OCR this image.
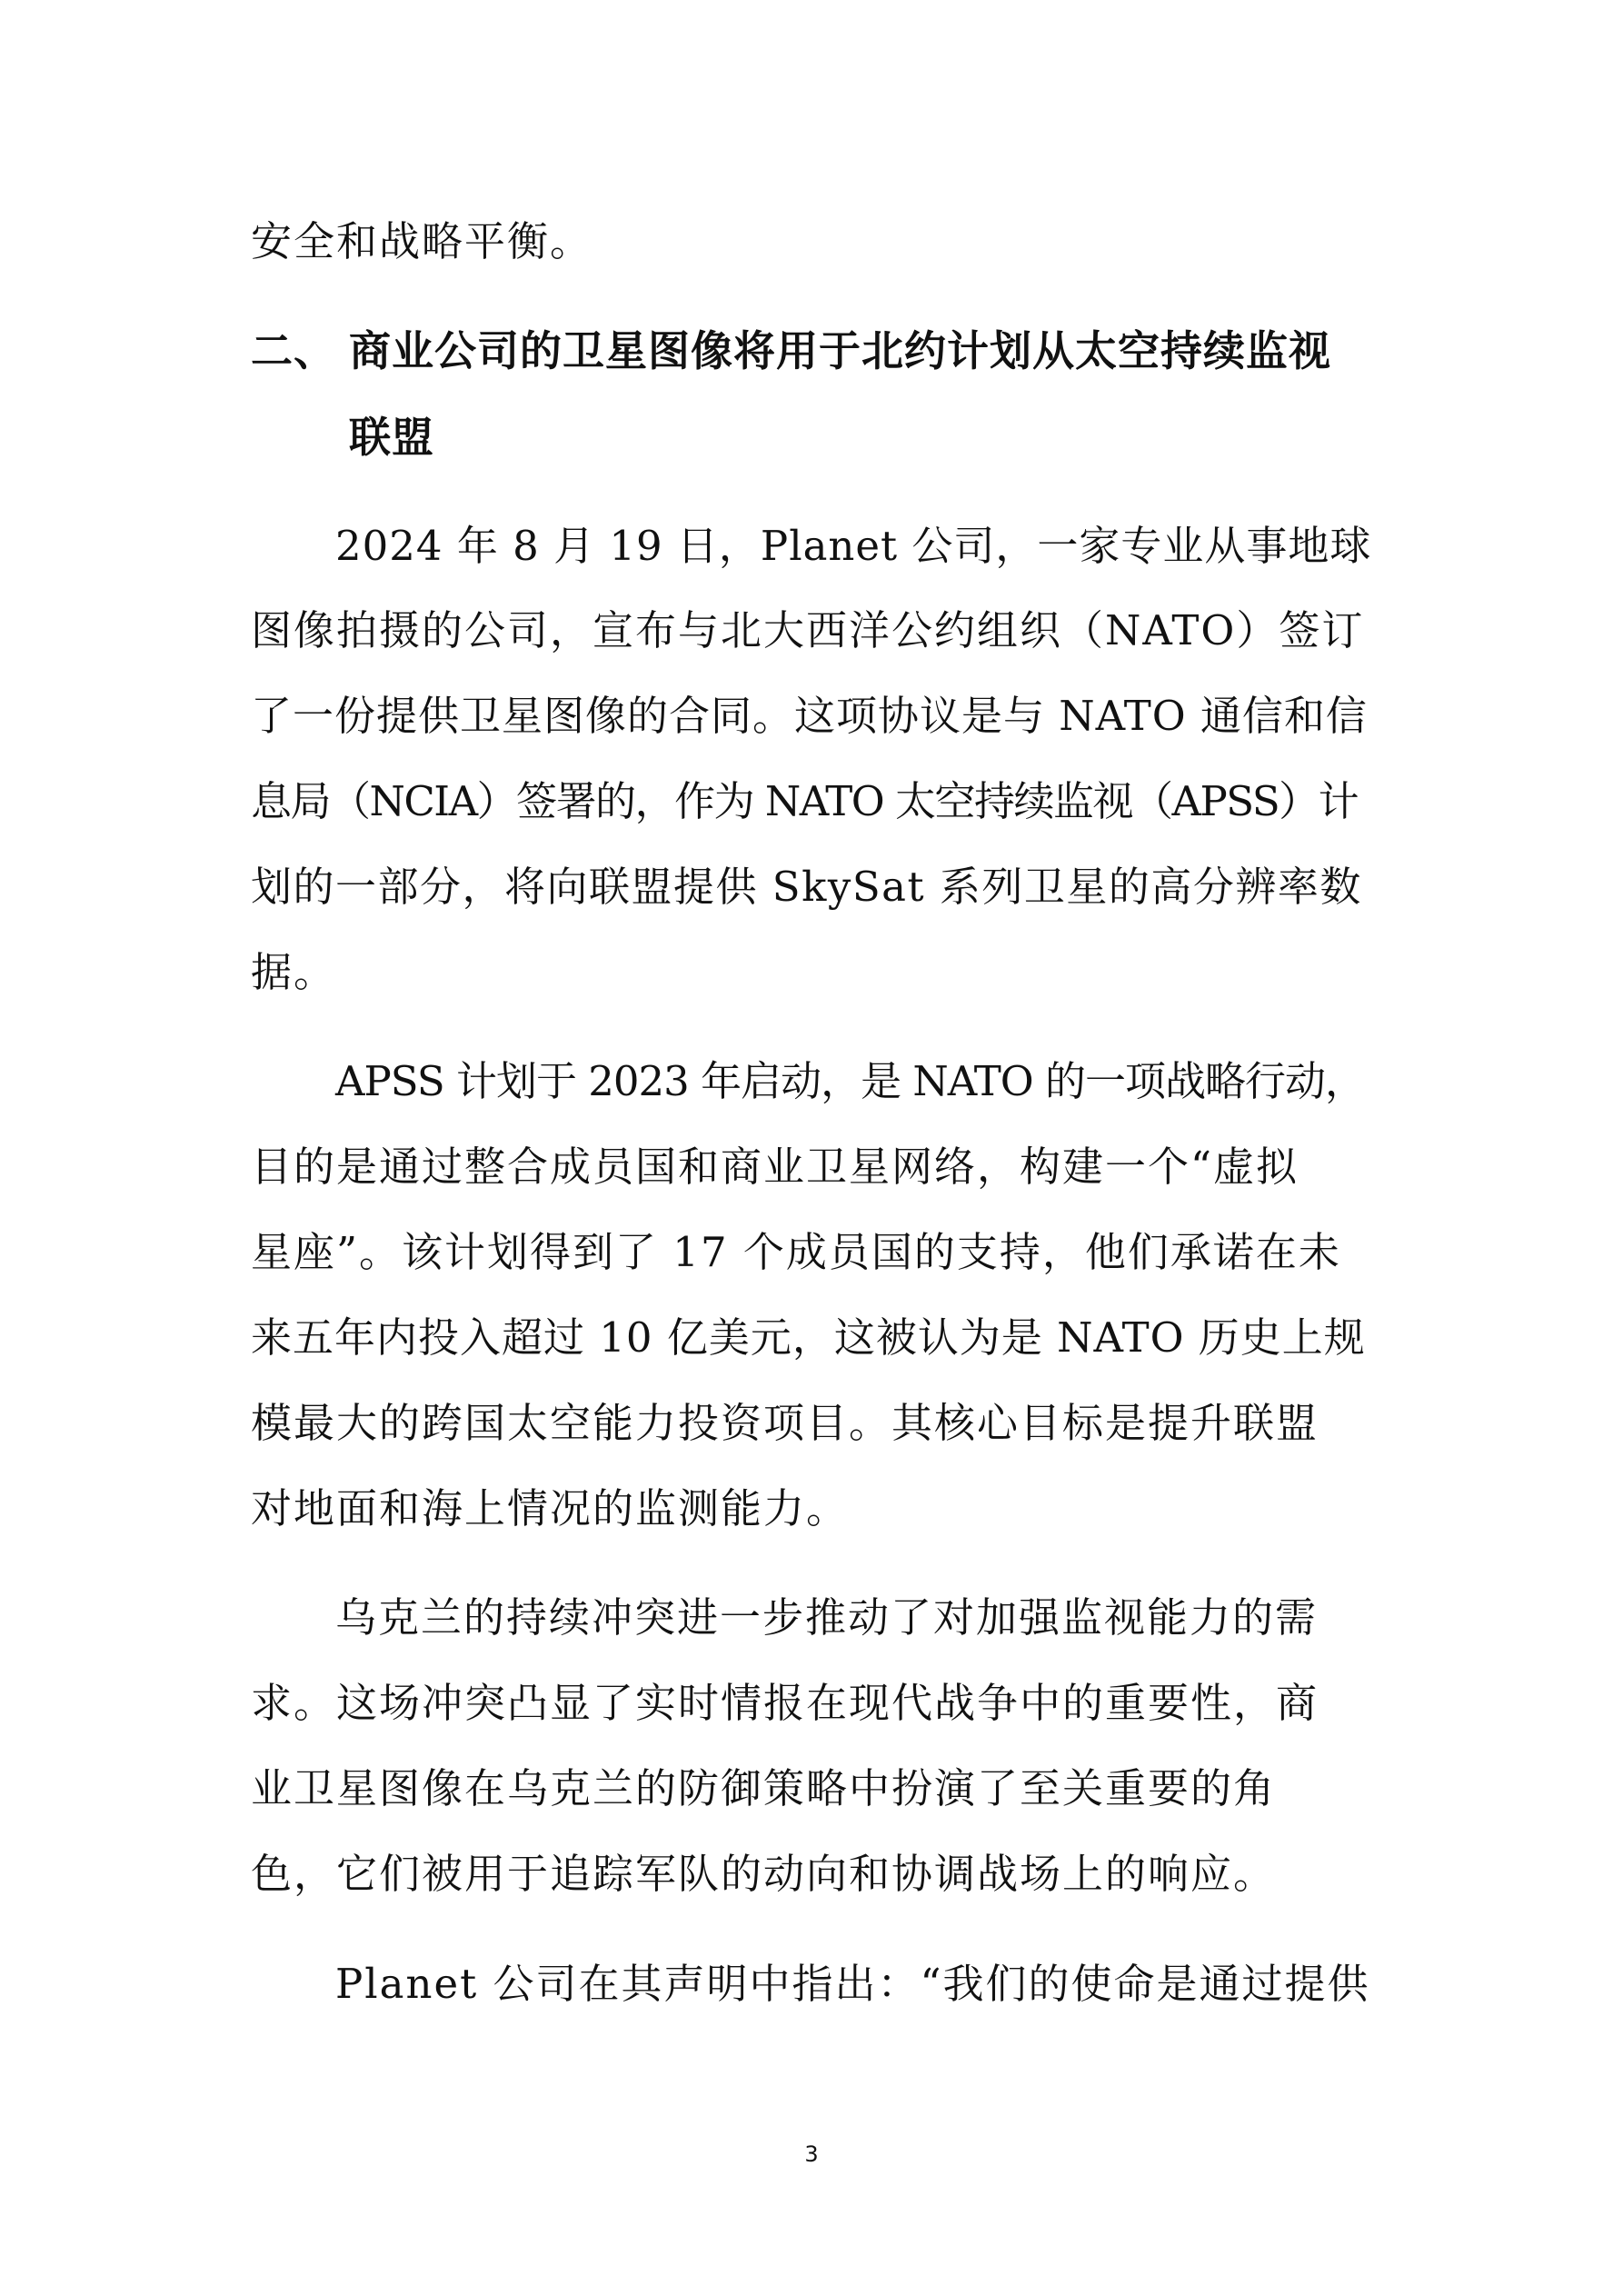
安全和战略平衡。
二、 商业公司的卫星图像将用于北约计划从太空持续监视
联盟
2024 年 8 月 19 日，Planet 公司，一家专业从事地球
图像拍摄的公司，宣布与北大西洋公约组织（NATO）签订
了一份提供卫星图像的合同。这项协议是与 NATO 通信和信
息局（NCIA）签署的，作为 NATO 太空持续监视（APSS）计
划的一部分，将向联盟提供 SkySat 系列卫星的高分辨率数
据。
APSS 计划于 2023 年启动，是 NATO 的一项战略行动，
目的是通过整合成员国和商业卫星网络，构建一个“虚拟
星座”。该计划得到了 17 个成员国的支持，他们承诺在未
来五年内投入超过 10 亿美元，这被认为是 NATO 历史上规
模最大的跨国太空能力投资项目。其核心目标是提升联盟
对地面和海上情况的监测能力。
乌克兰的持续冲突进一步推动了对加强监视能力的需
求。这场冲突凸显了实时情报在现代战争中的重要性，商
业卫星图像在乌克兰的防御策略中扮演了至关重要的角
色，它们被用于追踪军队的动向和协调战场上的响应。
Planet 公司在其声明中指出：“我们的使命是通过提供
3
